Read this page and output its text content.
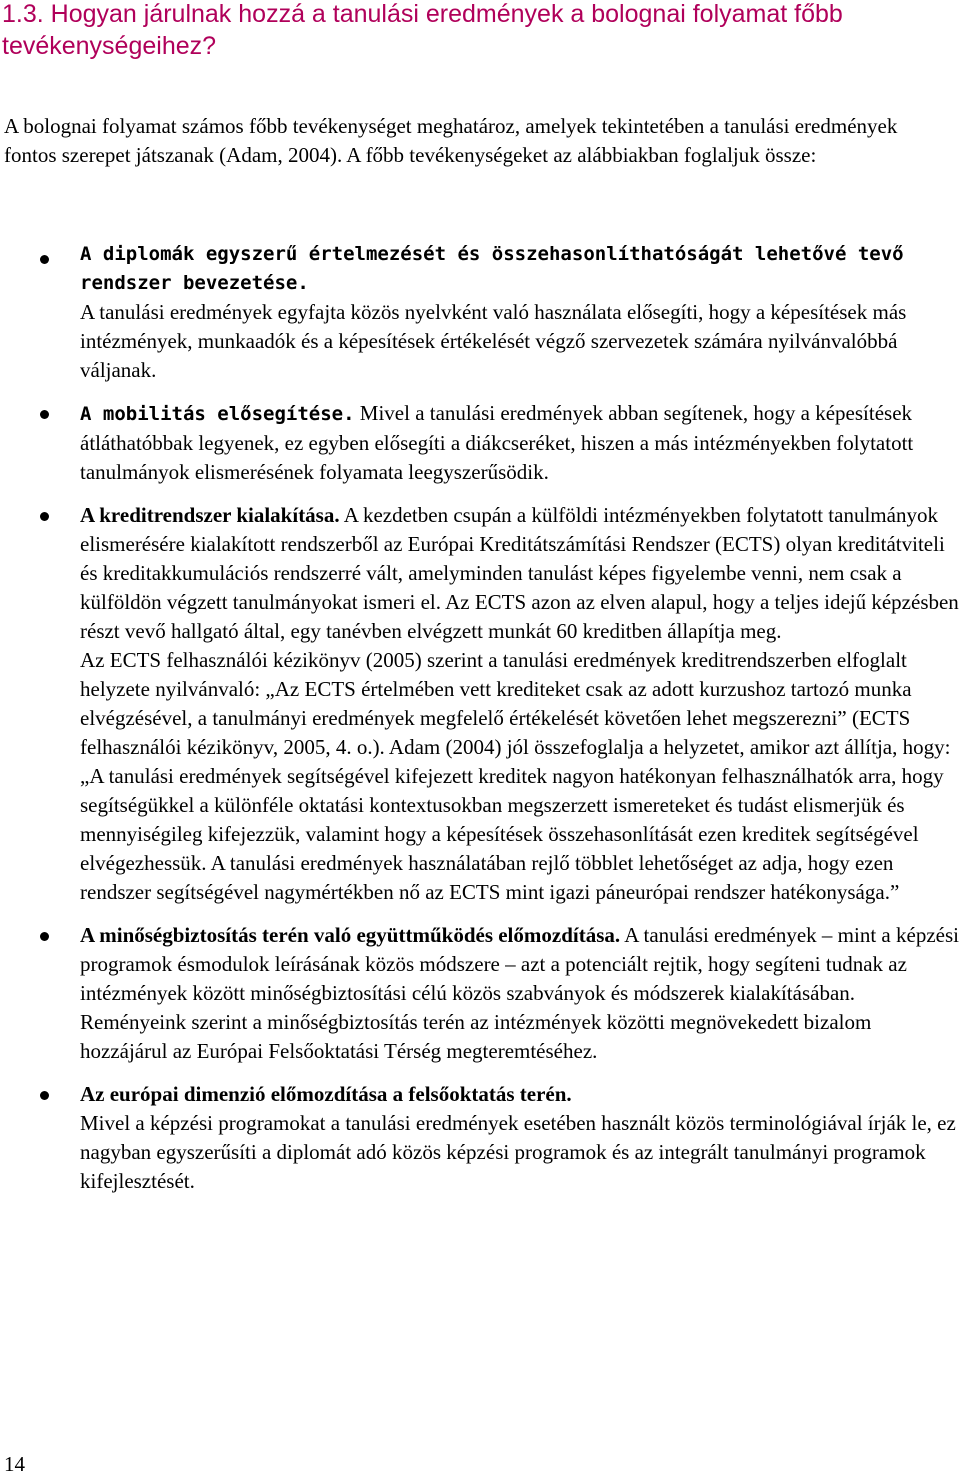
1.3. Hogyan járulnak hozzá a tanulási eredmények a bolognai folyamat főbb tevékenységeihez?

A bolognai folyamat számos főbb tevékenységet meghatároz, amelyek tekintetében a tanulási eredmények fontos szerepet játszanak (Adam, 2004). A főbb tevékenységeket az alábbiakban foglaljuk össze:

A diplomák egyszerű értelmezését és összehasonlíthatóságát lehetővé tevő rendszer bevezetése.
A tanulási eredmények egyfajta közös nyelvként való használata elősegíti, hogy a képesítések más intézmények, munkaadók és a képesítések értékelését végző szervezetek számára nyilvánvalóbbá váljanak.
A mobilitás elősegítése. Mivel a tanulási eredmények abban segítenek, hogy a képesítések átláthatóbbak legyenek, ez egyben elősegíti a diákcseréket, hiszen a más intézményekben folytatott tanulmányok elismerésének folyamata leegyszerűsödik.
A kreditrendszer kialakítása. A kezdetben csupán a külföldi intézményekben folytatott tanulmányok elismerésére kialakított rendszerből az Európai Kreditátszámítási Rendszer (ECTS) olyan kreditátviteli és kreditakkumulációs rendszerré vált, amelyminden tanulást képes figyelembe venni, nem csak a külföldön végzett tanulmányokat ismeri el. Az ECTS azon az elven alapul, hogy a teljes idejű képzésben részt vevő hallgató által, egy tanévben elvégzett munkát 60 kreditben állapítja meg.
Az ECTS felhasználói kézikönyv (2005) szerint a tanulási eredmények kreditrendszerben elfoglalt helyzete nyilvánvaló: „Az ECTS értelmében vett krediteket csak az adott kurzushoz tartozó munka elvégzésével, a tanulmányi eredmények megfelelő értékelését követően lehet megszerezni” (ECTS felhasználói kézikönyv, 2005, 4. o.). Adam (2004) jól összefoglalja a helyzetet, amikor azt állítja, hogy: „A tanulási eredmények segítségével kifejezett kreditek nagyon hatékonyan felhasználhatók arra, hogy segítségükkel a különféle oktatási kontextusokban megszerzett ismereteket és tudást elismerjük és mennyiségileg kifejezzük, valamint hogy a képesítések összehasonlítását ezen kreditek segítségével elvégezhessük. A tanulási eredmények használatában rejlő többlet lehetőséget az adja, hogy ezen rendszer segítségével nagymértékben nő az ECTS mint igazi páneurópai rendszer hatékonysága.”
A minőségbiztosítás terén való együttműködés előmozdítása. A tanulási eredmények – mint a képzési programok ésmodulok leírásának közös módszere – azt a potenciált rejtik, hogy segíteni tudnak az intézmények között minőségbiztosítási célú közös szabványok és módszerek kialakításában. Reményeink szerint a minőségbiztosítás terén az intézmények közötti megnövekedett bizalom hozzájárul az Európai Felsőoktatási Térség megteremtéséhez.
Az európai dimenzió előmozdítása a felsőoktatás terén.
Mivel a képzési programokat a tanulási eredmények esetében használt közös terminológiával írják le, ez nagyban egyszerűsíti a diplomát adó közös képzési programok és az integrált tanulmányi programok kifejlesztését.
14
